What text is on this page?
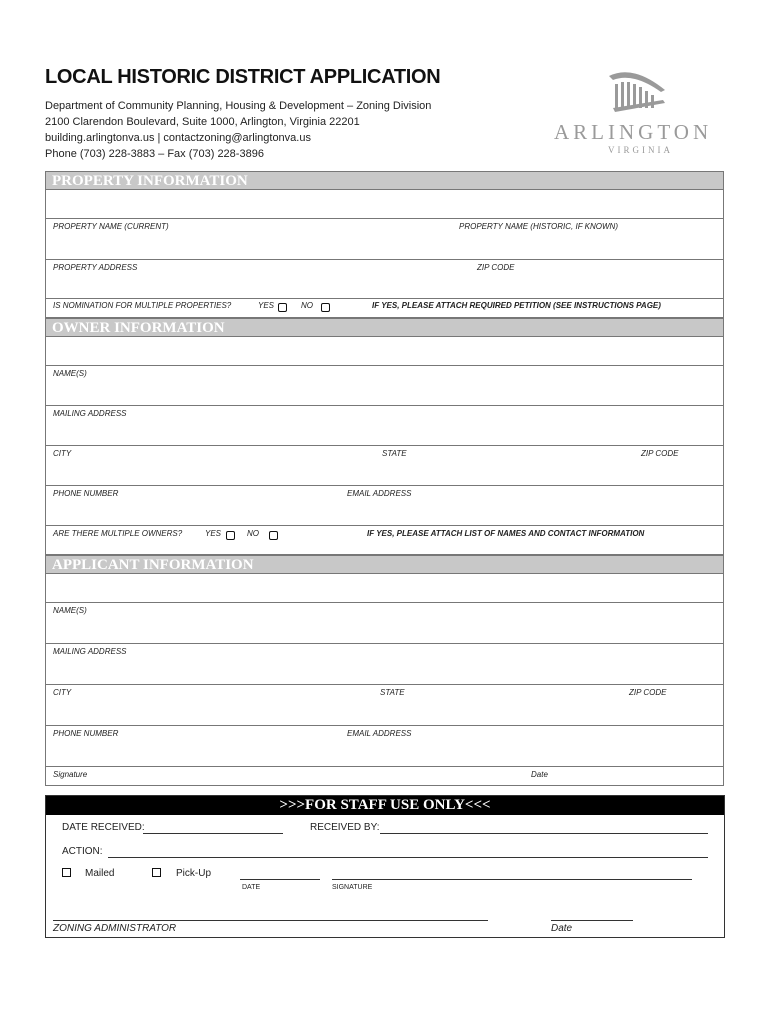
LOCAL HISTORIC DISTRICT APPLICATION
Department of Community Planning, Housing & Development – Zoning Division
2100 Clarendon Boulevard, Suite 1000, Arlington, Virginia 22201
building.arlingtonva.us | contactzoning@arlingtonva.us
Phone (703) 228-3883 – Fax (703) 228-3896
ARLINGTON
VIRGINIA
PROPERTY INFORMATION
PROPERTY NAME (CURRENT)	PROPERTY NAME (HISTORIC, IF KNOWN)
PROPERTY ADDRESS	ZIP CODE
IS NOMINATION FOR MULTIPLE PROPERTIES?	YES	NO	IF YES, PLEASE ATTACH REQUIRED PETITION (SEE INSTRUCTIONS PAGE)
OWNER INFORMATION
NAME(S)
MAILING ADDRESS
CITY	STATE	ZIP CODE
PHONE NUMBER	EMAIL ADDRESS
ARE THERE MULTIPLE OWNERS?	YES	NO	IF YES, PLEASE ATTACH LIST OF NAMES AND CONTACT INFORMATION
APPLICANT INFORMATION
NAME(S)
MAILING ADDRESS
CITY	STATE	ZIP CODE
PHONE NUMBER	EMAIL ADDRESS
Signature	Date
>>>FOR STAFF USE ONLY<<<
DATE RECEIVED:	RECEIVED BY:
ACTION:
Mailed	Pick-Up
DATE	SIGNATURE
ZONING ADMINISTRATOR	Date
